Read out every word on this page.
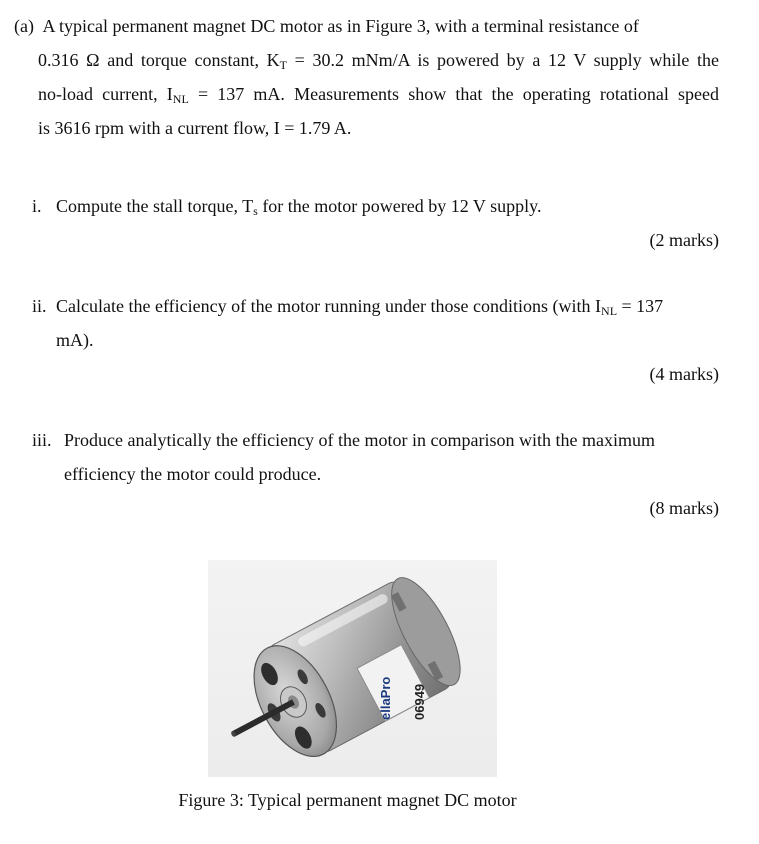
(a) A typical permanent magnet DC motor as in Figure 3, with a terminal resistance of
0.316 Ω and torque constant, $K_T = 30.2$ mNm/A is powered by a 12 V supply while the
no-load current, $I_{NL} = 137$ mA. Measurements show that the operating rotational speed
is 3616 rpm with a current flow, I = 1.79 A.
i. Compute the stall torque, $T_s$ for the motor powered by 12 V supply.
(2 marks)
ii. Calculate the efficiency of the motor running under those conditions (with $I_{NL} = 137$
mA).
(4 marks)
iii. Produce analytically the efficiency of the motor in comparison with the maximum
efficiency the motor could produce.
(8 marks)
ellaPro 06949
Figure 3: Typical permanent magnet DC motor
